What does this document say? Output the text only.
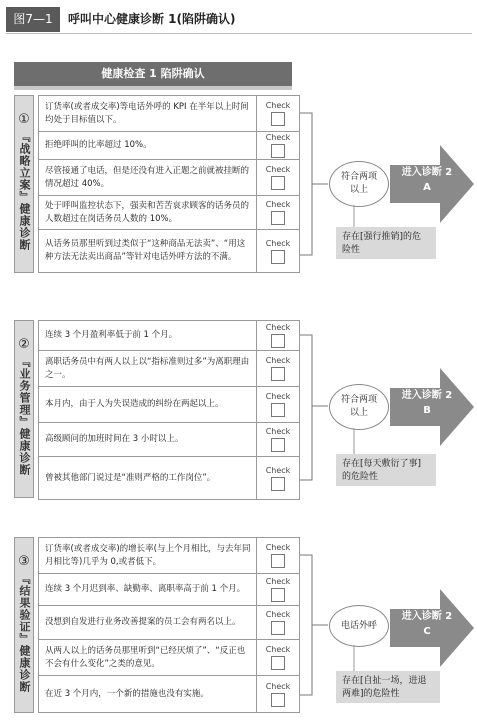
图7—1	呼叫中心健康诊断 1(陷阱确认)
健康检查 1 陷阱确认
①
『战略立案』健康诊断
订货率(或者成交率)等电话外呼的 KPI 在半年以上时间均处于目标值以下。
Check
拒绝呼叫的比率超过 10%。
Check
尽管接通了电话，但是还没有进入正题之前就被挂断的情况超过 40%。
Check
处于呼叫监控状态下，强卖和苦苦哀求顾客的话务员的人数超过在岗话务员人数的 10%。
Check
从话务员那里听到过类似于“这种商品无法卖”、“用这种方法无法卖出商品”等针对电话外呼方法的不满。
Check
符合两项以上
进入诊断 2
A
存在[强行推销]的危险性
②
『业务管理』健康诊断
连续 3 个月盈利率低于前 1 个月。
Check
离职话务员中有两人以上以“指标准则过多”为离职理由之一。
Check
本月内，由于人为失误造成的纠纷在两起以上。
Check
高级顾问的加班时间在 3 小时以上。
Check
曾被其他部门说过是“准则严格的工作岗位”。
Check
符合两项以上
进入诊断 2
B
存在[每天敷衍了事]的危险性
③
『结果验证』健康诊断
订货率(或者成交率)的增长率(与上个月相比，与去年同月相比等)几乎为 0,或者低下。
Check
连续 3 个月迟到率、缺勤率、离职率高于前 1 个月。
Check
没想到自发进行业务改善提案的员工会有两名以上。
Check
从两人以上的话务员那里听到“已经厌烦了”、“反正也不会有什么变化”之类的意见。
Check
在近 3 个月内，一个新的措施也没有实施。
Check
电话外呼
进入诊断 2
C
存在[自扯一场，进退两难]的危险性
